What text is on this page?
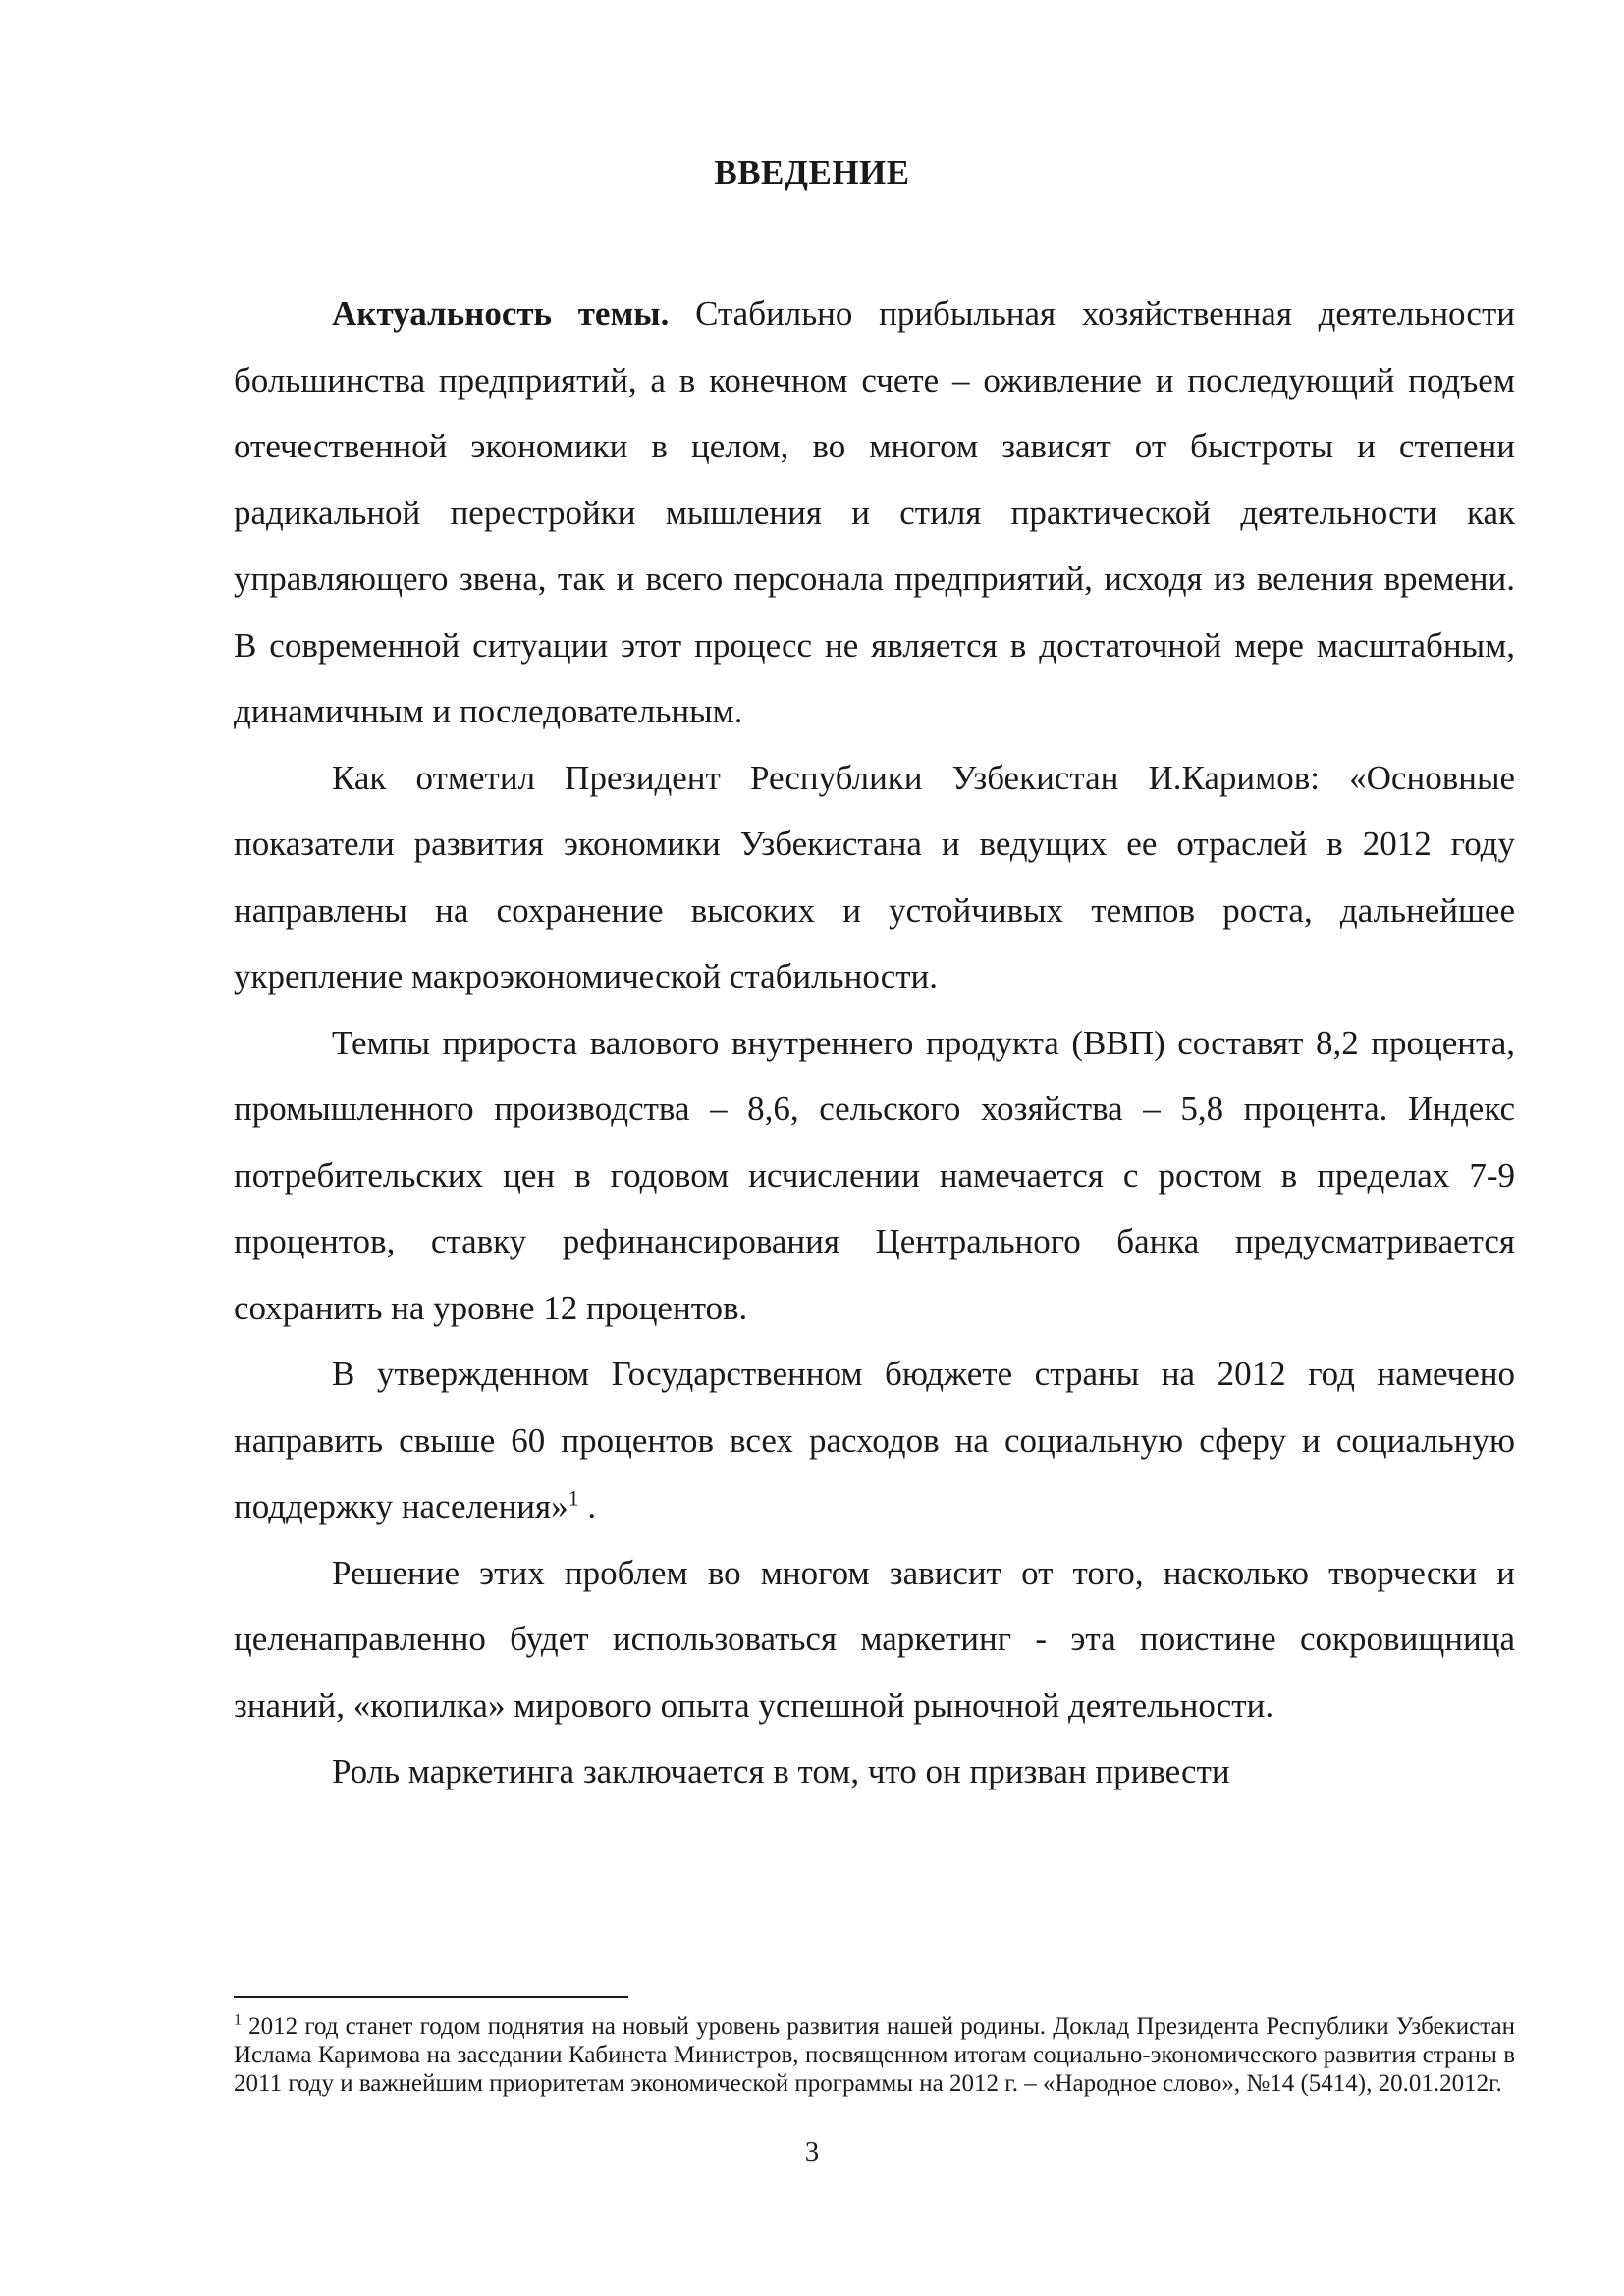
ВВЕДЕНИЕ

Актуальность темы. Стабильно прибыльная хозяйственная деятельности большинства предприятий, а в конечном счете – оживление и последующий подъем отечественной экономики в целом, во многом зависят от быстроты и степени радикальной перестройки мышления и стиля практической деятельности как управляющего звена, так и всего персонала предприятий, исходя из веления времени. В современной ситуации этот процесс не является в достаточной мере масштабным, динамичным и последовательным.

Как отметил Президент Республики Узбекистан И.Каримов: «Основные показатели развития экономики Узбекистана и ведущих ее отраслей в 2012 году направлены на сохранение высоких и устойчивых темпов роста, дальнейшее укрепление макроэкономической стабильности.

Темпы прироста валового внутреннего продукта (ВВП) составят 8,2 процента, промышленного производства – 8,6, сельского хозяйства – 5,8 процента. Индекс потребительских цен в годовом исчислении намечается с ростом в пределах 7-9 процентов, ставку рефинансирования Центрального банка предусматривается сохранить на уровне 12 процентов.

В утвержденном Государственном бюджете страны на 2012 год намечено направить свыше 60 процентов всех расходов на социальную сферу и социальную поддержку населения»$^1$ .

Решение этих проблем во многом зависит от того, насколько творчески и целенаправленно будет использоваться маркетинг - эта поистине сокровищница знаний, «копилка» мирового опыта успешной рыночной деятельности.

Роль маркетинга заключается в том, что он призван привести

$^1$ 2012 год станет годом поднятия на новый уровень развития нашей родины. Доклад Президента Республики Узбекистан Ислама Каримова на заседании Кабинета Министров, посвященном итогам социально-экономического развития страны в 2011 году и важнейшим приоритетам экономической программы на 2012 г. – «Народное слово», №14 (5414), 20.01.2012г.
3
